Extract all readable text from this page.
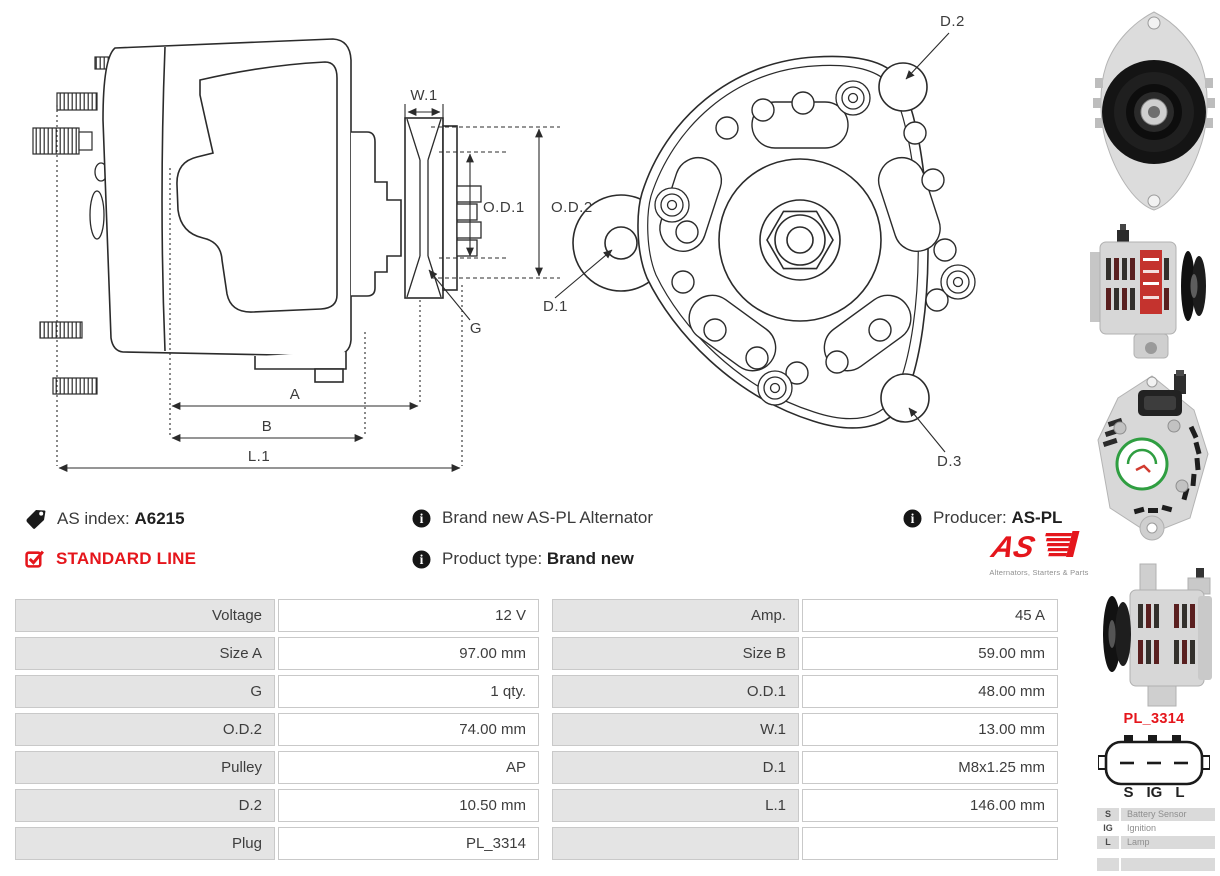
W.1
O.D.1 O.D.2
G
A
B
L.1
D.1
D.2
D.3
AS index: A6215
STANDARD LINE
i Brand new AS-PL Alternator
i Product type: Brand new
i Producer: AS-PL
AS
Alternators, Starters & Parts
Voltage	12 V	Amp.	45 A
Size A	97.00 mm	Size B	59.00 mm
G	1 qty.	O.D.1	48.00 mm
O.D.2	74.00 mm	W.1	13.00 mm
Pulley	AP	D.1	M8x1.25 mm
D.2	10.50 mm	L.1	146.00 mm
Plug	PL_3314
PL_3314
S IG L
S	Battery Sensor
IG	Ignition
L	Lamp
